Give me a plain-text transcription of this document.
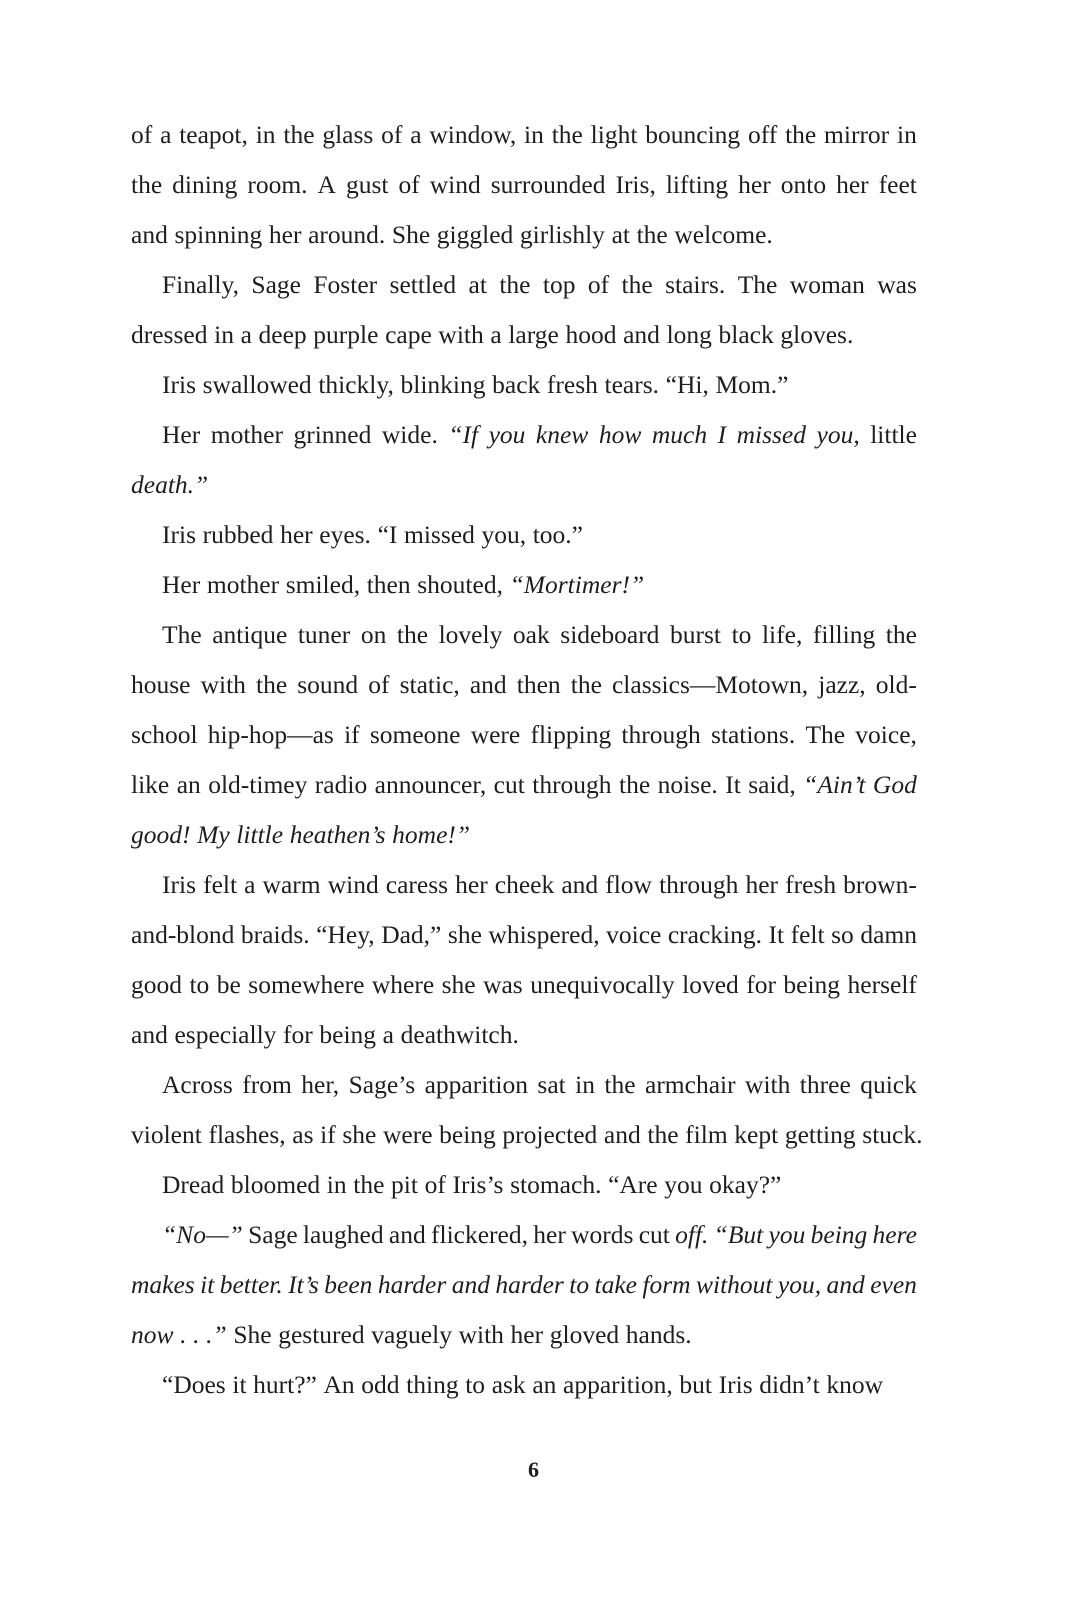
of a teapot, in the glass of a window, in the light bouncing off the mirror in
the dining room. A gust of wind surrounded Iris, lifting her onto her feet
and spinning her around. She giggled girlishly at the welcome.
Finally, Sage Foster settled at the top of the stairs. The woman was
dressed in a deep purple cape with a large hood and long black gloves.
Iris swallowed thickly, blinking back fresh tears. “Hi, Mom.”
Her mother grinned wide. “If you knew how much I missed you, little
death.”
Iris rubbed her eyes. “I missed you, too.”
Her mother smiled, then shouted, “Mortimer!”
The antique tuner on the lovely oak sideboard burst to life, filling the
house with the sound of static, and then the classics—Motown, jazz, old-
school hip-hop—as if someone were flipping through stations. The voice,
like an old-timey radio announcer, cut through the noise. It said, “Ain’t God
good! My little heathen’s home!”
Iris felt a warm wind caress her cheek and flow through her fresh brown-
and-blond braids. “Hey, Dad,” she whispered, voice cracking. It felt so damn
good to be somewhere where she was unequivocally loved for being herself
and especially for being a deathwitch.
Across from her, Sage’s apparition sat in the armchair with three quick
violent flashes, as if she were being projected and the film kept getting stuck.
Dread bloomed in the pit of Iris’s stomach. “Are you okay?”
“No—” Sage laughed and flickered, her words cut off. “But you being here
makes it better. It’s been harder and harder to take form without you, and even
now . . .” She gestured vaguely with her gloved hands.
“Does it hurt?” An odd thing to ask an apparition, but Iris didn’t know
6
